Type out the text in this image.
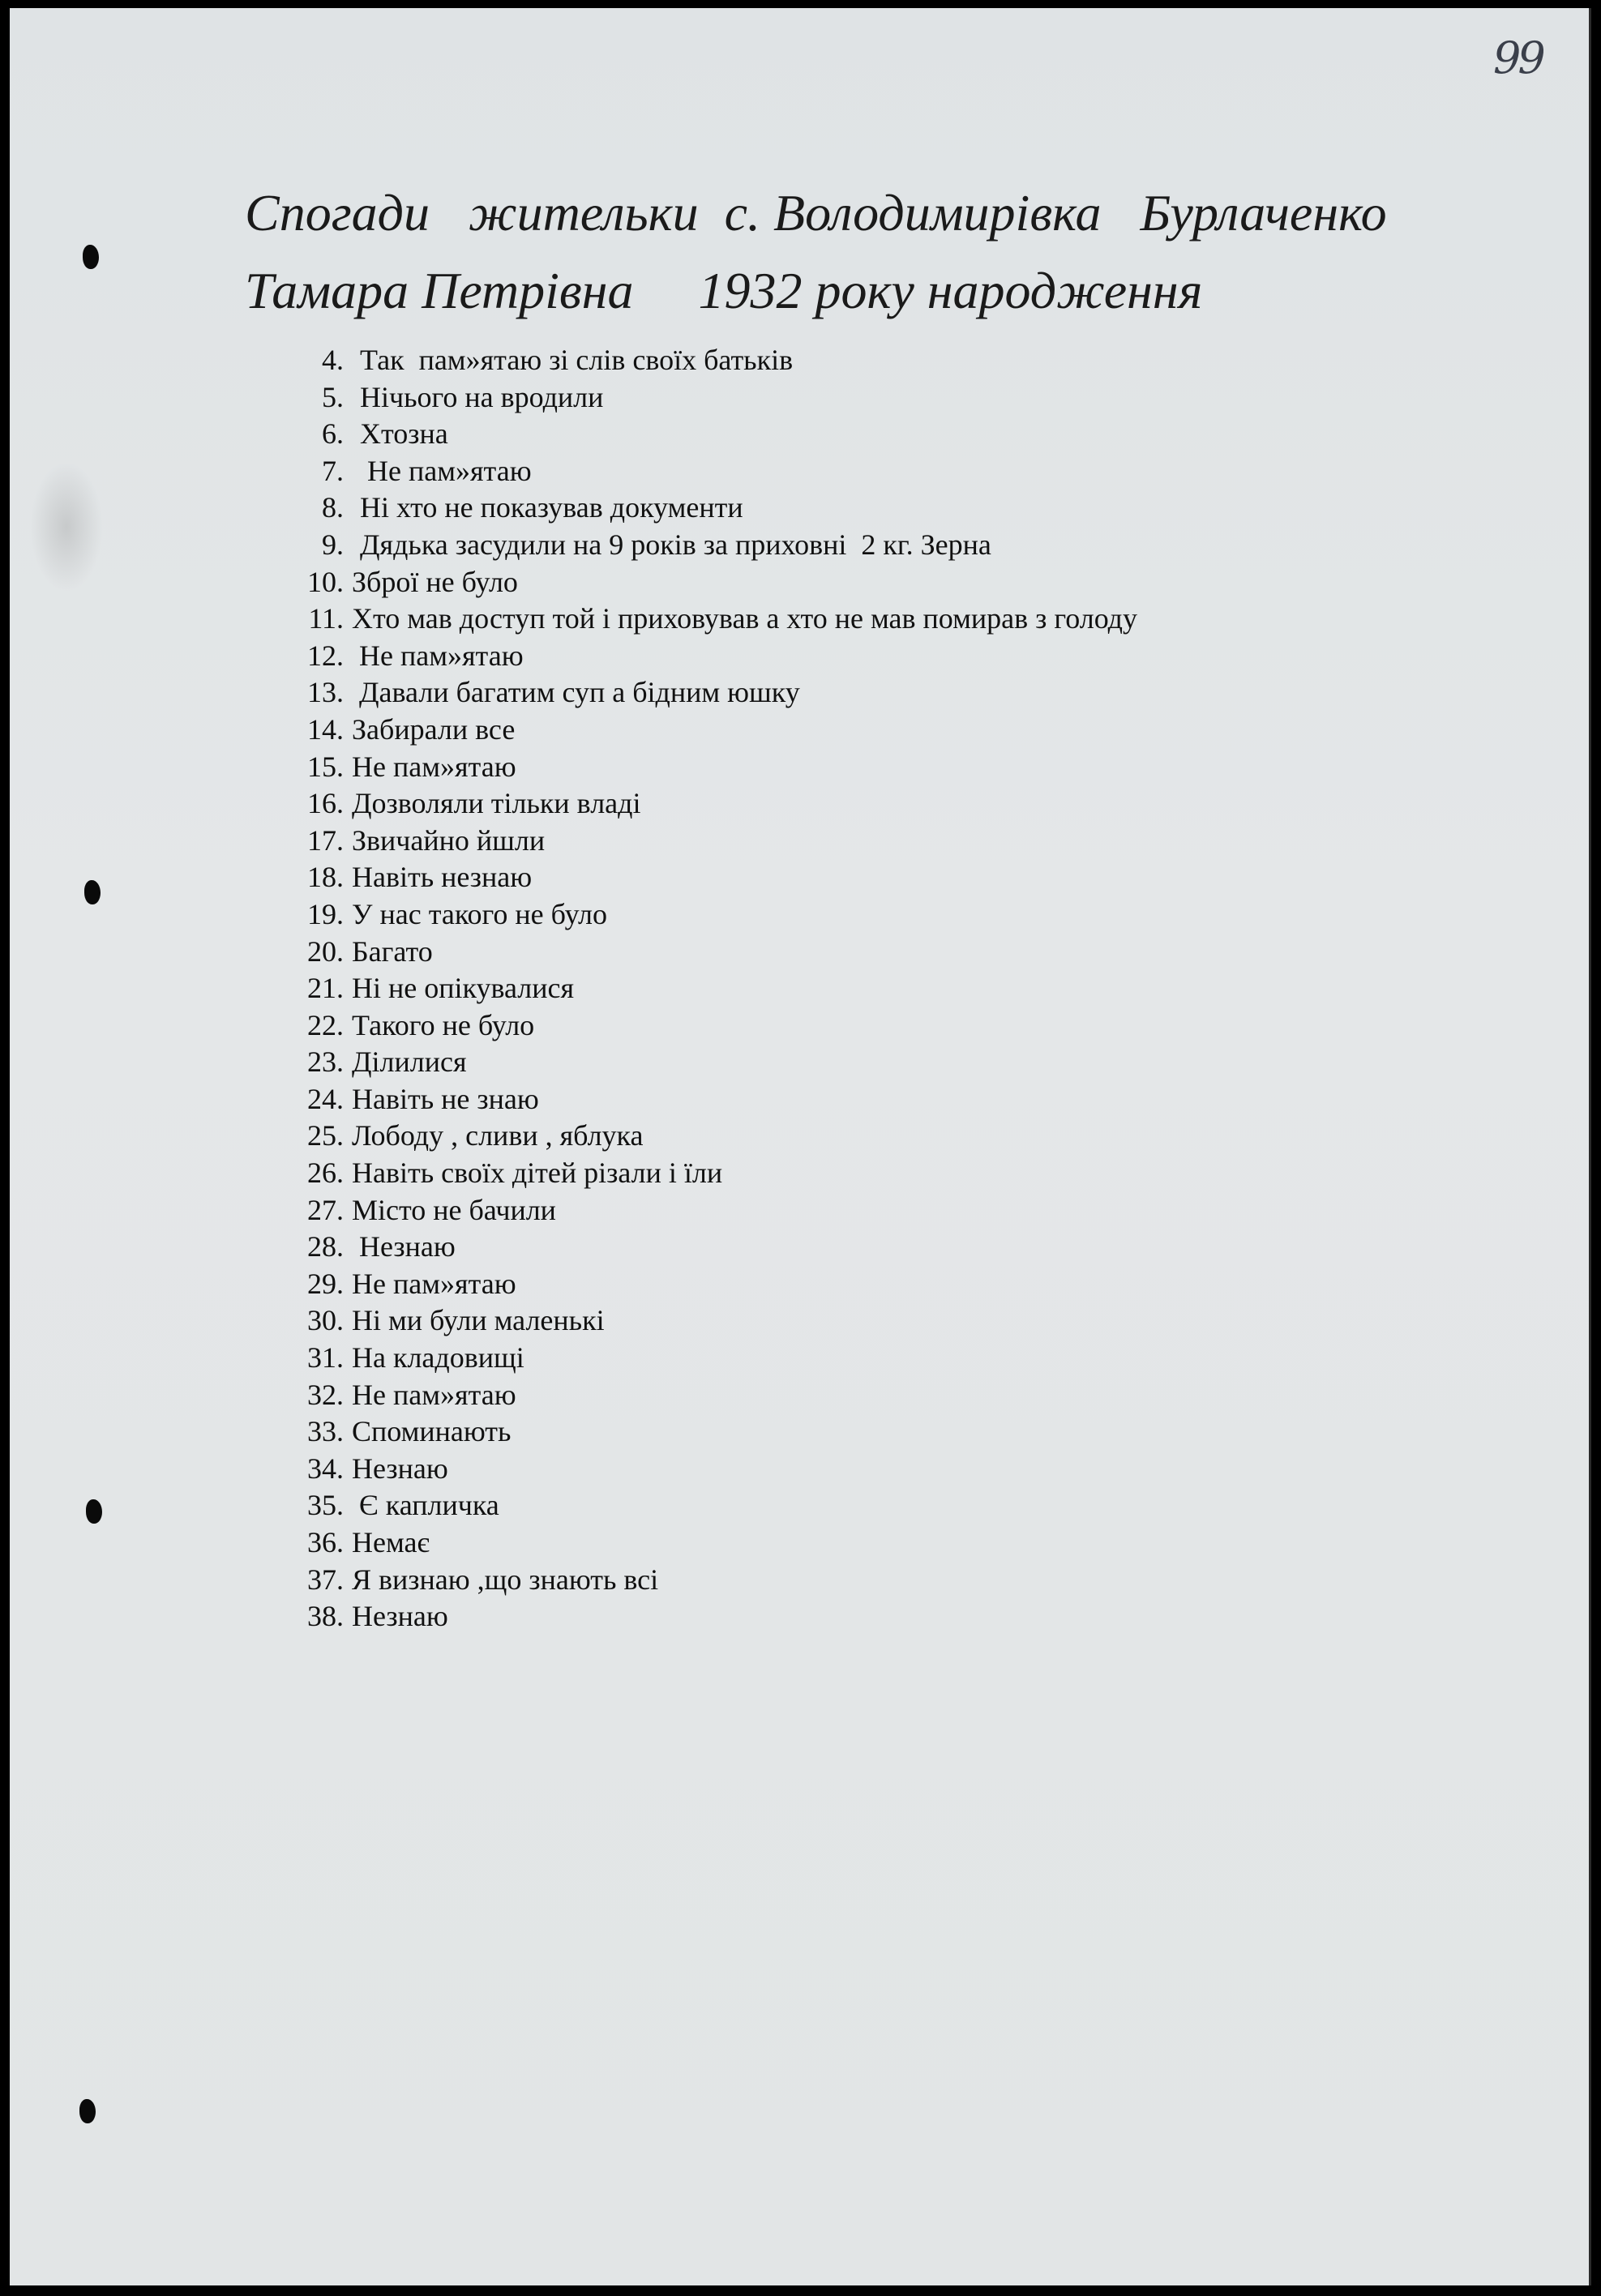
99
Спогади   жительки  с. Володимирівка   Бурлаченко
Тамара Петрівна     1932 року народження
4. Так  пам»ятаю зі слів своїх батьків
5. Нічього на вродили
6. Хтозна
7. Не пам»ятаю
8. Ні хто не показував документи
9. Дядька засудили на 9 років за приховні  2 кг. Зерна
10. Зброї не було
11. Хто мав доступ той і приховував а хто не мав помирав з голоду
12. Не пам»ятаю
13. Давали багатим суп а бідним юшку
14. Забирали все
15. Не пам»ятаю
16. Дозволяли тільки владі
17. Звичайно йшли
18. Навіть незнаю
19. У нас такого не було
20. Багато
21. Ні не опікувалися
22. Такого не було
23. Ділилися
24. Навіть не знаю
25. Лободу , сливи , яблука
26. Навіть своїх дітей різали і їли
27. Місто не бачили
28. Незнаю
29. Не пам»ятаю
30. Ні ми були маленькі
31. На кладовищі
32. Не пам»ятаю
33. Споминають
34. Незнаю
35. Є капличка
36. Немає
37. Я визнаю ,що знають всі
38. Незнаю
